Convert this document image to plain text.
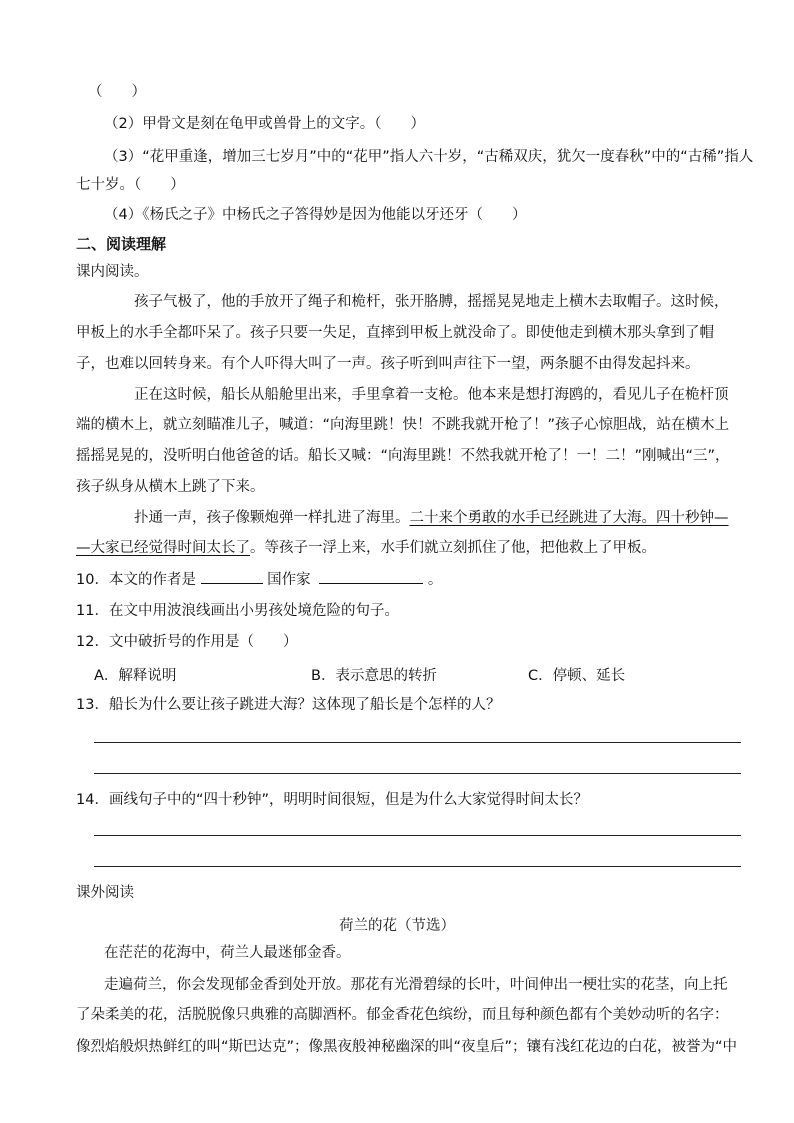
（　　）
（2）甲骨文是刻在龟甲或兽骨上的文字。（　　）
（3）“花甲重逢，增加三七岁月”中的“花甲”指人六十岁，“古稀双庆，犹欠一度春秋”中的“古稀”指人
七十岁。（　　）
（4）《杨氏之子》中杨氏之子答得妙是因为他能以牙还牙（　　）
二、阅读理解
课内阅读。
孩子气极了，他的手放开了绳子和桅杆，张开胳膊，摇摇晃晃地走上横木去取帽子。这时候，
甲板上的水手全都吓呆了。孩子只要一失足，直摔到甲板上就没命了。即使他走到横木那头拿到了帽
子，也难以回转身来。有个人吓得大叫了一声。孩子听到叫声往下一望，两条腿不由得发起抖来。
正在这时候，船长从船舱里出来，手里拿着一支枪。他本来是想打海鸥的，看见儿子在桅杆顶
端的横木上，就立刻瞄准儿子，喊道：“向海里跳！快！不跳我就开枪了！”孩子心惊胆战，站在横木上
摇摇晃晃的，没听明白他爸爸的话。船长又喊：“向海里跳！不然我就开枪了！一！二！”刚喊出“三”，
孩子纵身从横木上跳了下来。
扑通一声，孩子像颗炮弹一样扎进了海里。二十来个勇敢的水手已经跳进了大海。四十秒钟—
—大家已经觉得时间太长了。等孩子一浮上来，水手们就立刻抓住了他，把他救上了甲板。
10．本文的作者是	国作家	。
11．在文中用波浪线画出小男孩处境危险的句子。
12．文中破折号的作用是（　　）
A．解释说明	B．表示意思的转折	C．停顿、延长
13．船长为什么要让孩子跳进大海？这体现了船长是个怎样的人？
14．画线句子中的“四十秒钟”，明明时间很短，但是为什么大家觉得时间太长？
课外阅读
荷兰的花（节选）
在茫茫的花海中，荷兰人最迷郁金香。
走遍荷兰，你会发现郁金香到处开放。那花有光滑碧绿的长叶，叶间伸出一梗壮实的花茎，向上托
了朵柔美的花，活脱脱像只典雅的高脚酒杯。郁金香花色缤纷，而且每种颜色都有个美妙动听的名字：
像烈焰般炽热鲜红的叫“斯巴达克”；像黑夜般神秘幽深的叫“夜皇后”；镶有浅红花边的白花，被誉为“中
